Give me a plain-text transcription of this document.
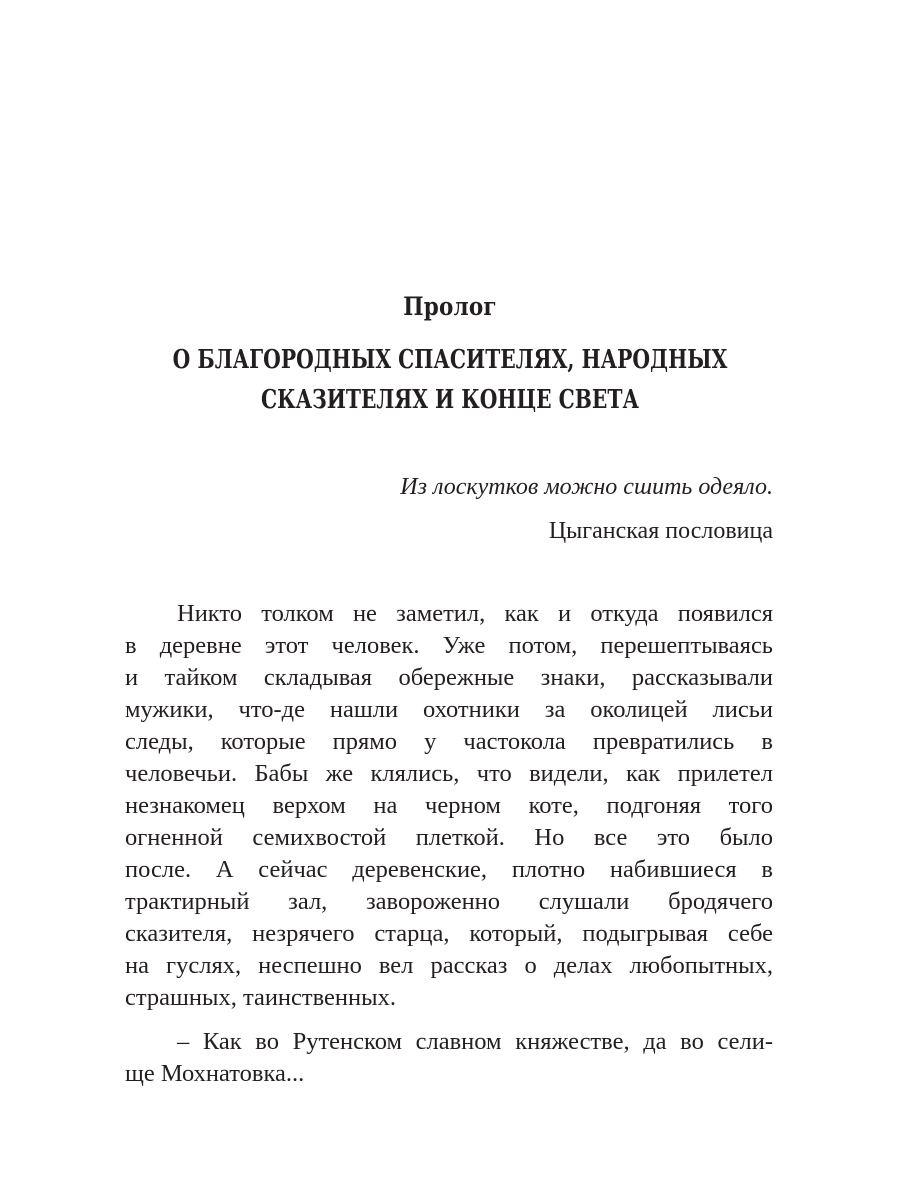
Пролог
О БЛАГОРОДНЫХ СПАСИТЕЛЯХ, НАРОДНЫХ
СКАЗИТЕЛЯХ И КОНЦЕ СВЕТА
Из лоскутков можно сшить одеяло.
Цыганская пословица
Никто толком не заметил, как и откуда появился
в деревне этот человек. Уже потом, перешептываясь
и тайком складывая обережные знаки, рассказывали
мужики, что-де нашли охотники за околицей лисьи
следы, которые прямо у частокола превратились в
человечьи. Бабы же клялись, что видели, как прилетел
незнакомец верхом на черном коте, подгоняя того
огненной семихвостой плеткой. Но все это было
после. А сейчас деревенские, плотно набившиеся в
трактирный зал, завороженно слушали бродячего
сказителя, незрячего старца, который, подыгрывая себе
на гуслях, неспешно вел рассказ о делах любопытных,
страшных, таинственных.
– Как во Рутенском славном княжестве, да во сели-
ще Мохнатовка...
